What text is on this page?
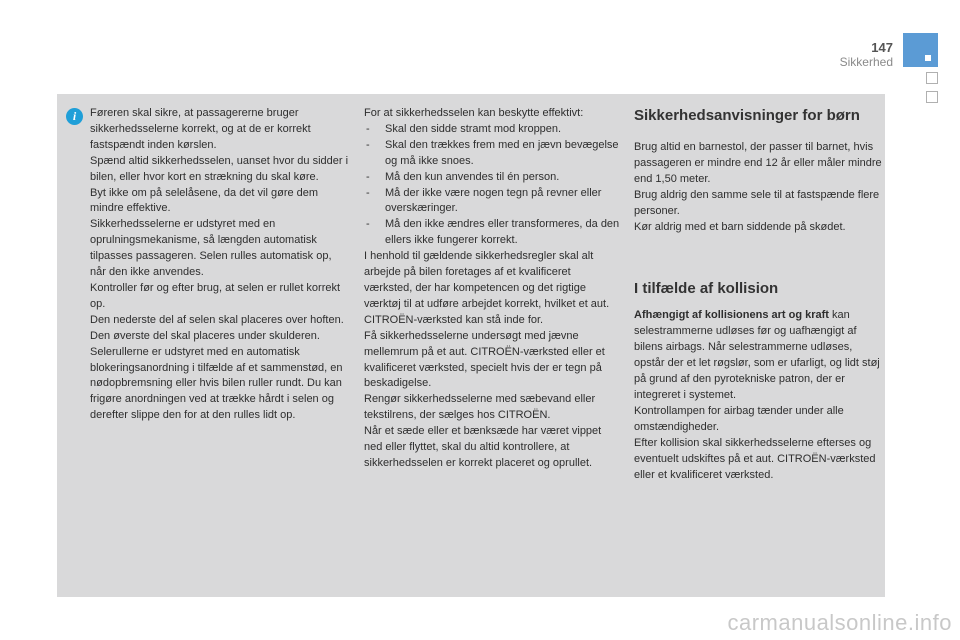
147
Sikkerhed
i	Føreren skal sikre, at passagererne bruger sikkerhedsselerne korrekt, og at de er korrekt fastspændt inden kørslen.

Spænd altid sikkerhedsselen, uanset hvor du sidder i bilen, eller hvor kort en strækning du skal køre.

Byt ikke om på selelåsene, da det vil gøre dem mindre effektive.

Sikkerhedsselerne er udstyret med en oprulningsmekanisme, så længden automatisk tilpasses passageren. Selen rulles automatisk op, når den ikke anvendes.

Kontroller før og efter brug, at selen er rullet korrekt op.

Den nederste del af selen skal placeres over hoften.

Den øverste del skal placeres under skulderen.

Selerullerne er udstyret med en automatisk blokeringsanordning i tilfælde af et sammenstød, en nødopbremsning eller hvis bilen ruller rundt. Du kan frigøre anordningen ved at trække hårdt i selen og derefter slippe den for at den rulles lidt op.

For at sikkerhedsselen kan beskytte effektivt:

- Skal den sidde stramt mod kroppen.
- Skal den trækkes frem med en jævn bevægelse og må ikke snoes.
- Må den kun anvendes til én person.
- Må der ikke være nogen tegn på revner eller overskæringer.
- Må den ikke ændres eller transformeres, da den ellers ikke fungerer korrekt.

I henhold til gældende sikkerhedsregler skal alt arbejde på bilen foretages af et kvalificeret værksted, der har kompetencen og det rigtige værktøj til at udføre arbejdet korrekt, hvilket et aut. CITROËN-værksted kan stå inde for.

Få sikkerhedsselerne undersøgt med jævne mellemrum på et aut. CITROËN-værksted eller et kvalificeret værksted, specielt hvis der er tegn på beskadigelse.

Rengør sikkerhedsselerne med sæbevand eller tekstilrens, der sælges hos CITROËN.

Når et sæde eller et bænksæde har været vippet ned eller flyttet, skal du altid kontrollere, at sikkerhedsselen er korrekt placeret og oprullet.

Sikkerhedsanvisninger for børn

Brug altid en barnestol, der passer til barnet, hvis passageren er mindre end 12 år eller måler mindre end 1,50 meter.

Brug aldrig den samme sele til at fastspænde flere personer.

Kør aldrig med et barn siddende på skødet.

I tilfælde af kollision

Afhængigt af kollisionens art og kraft kan selestrammerne udløses før og uafhængigt af bilens airbags. Når selestrammerne udløses, opstår der et let røgslør, som er ufarligt, og lidt støj på grund af den pyrotekniske patron, der er integreret i systemet.

Kontrollampen for airbag tænder under alle omstændigheder.

Efter kollision skal sikkerhedsselerne efterses og eventuelt udskiftes på et aut. CITROËN-værksted eller et kvalificeret værksted.

carmanualsonline.info
